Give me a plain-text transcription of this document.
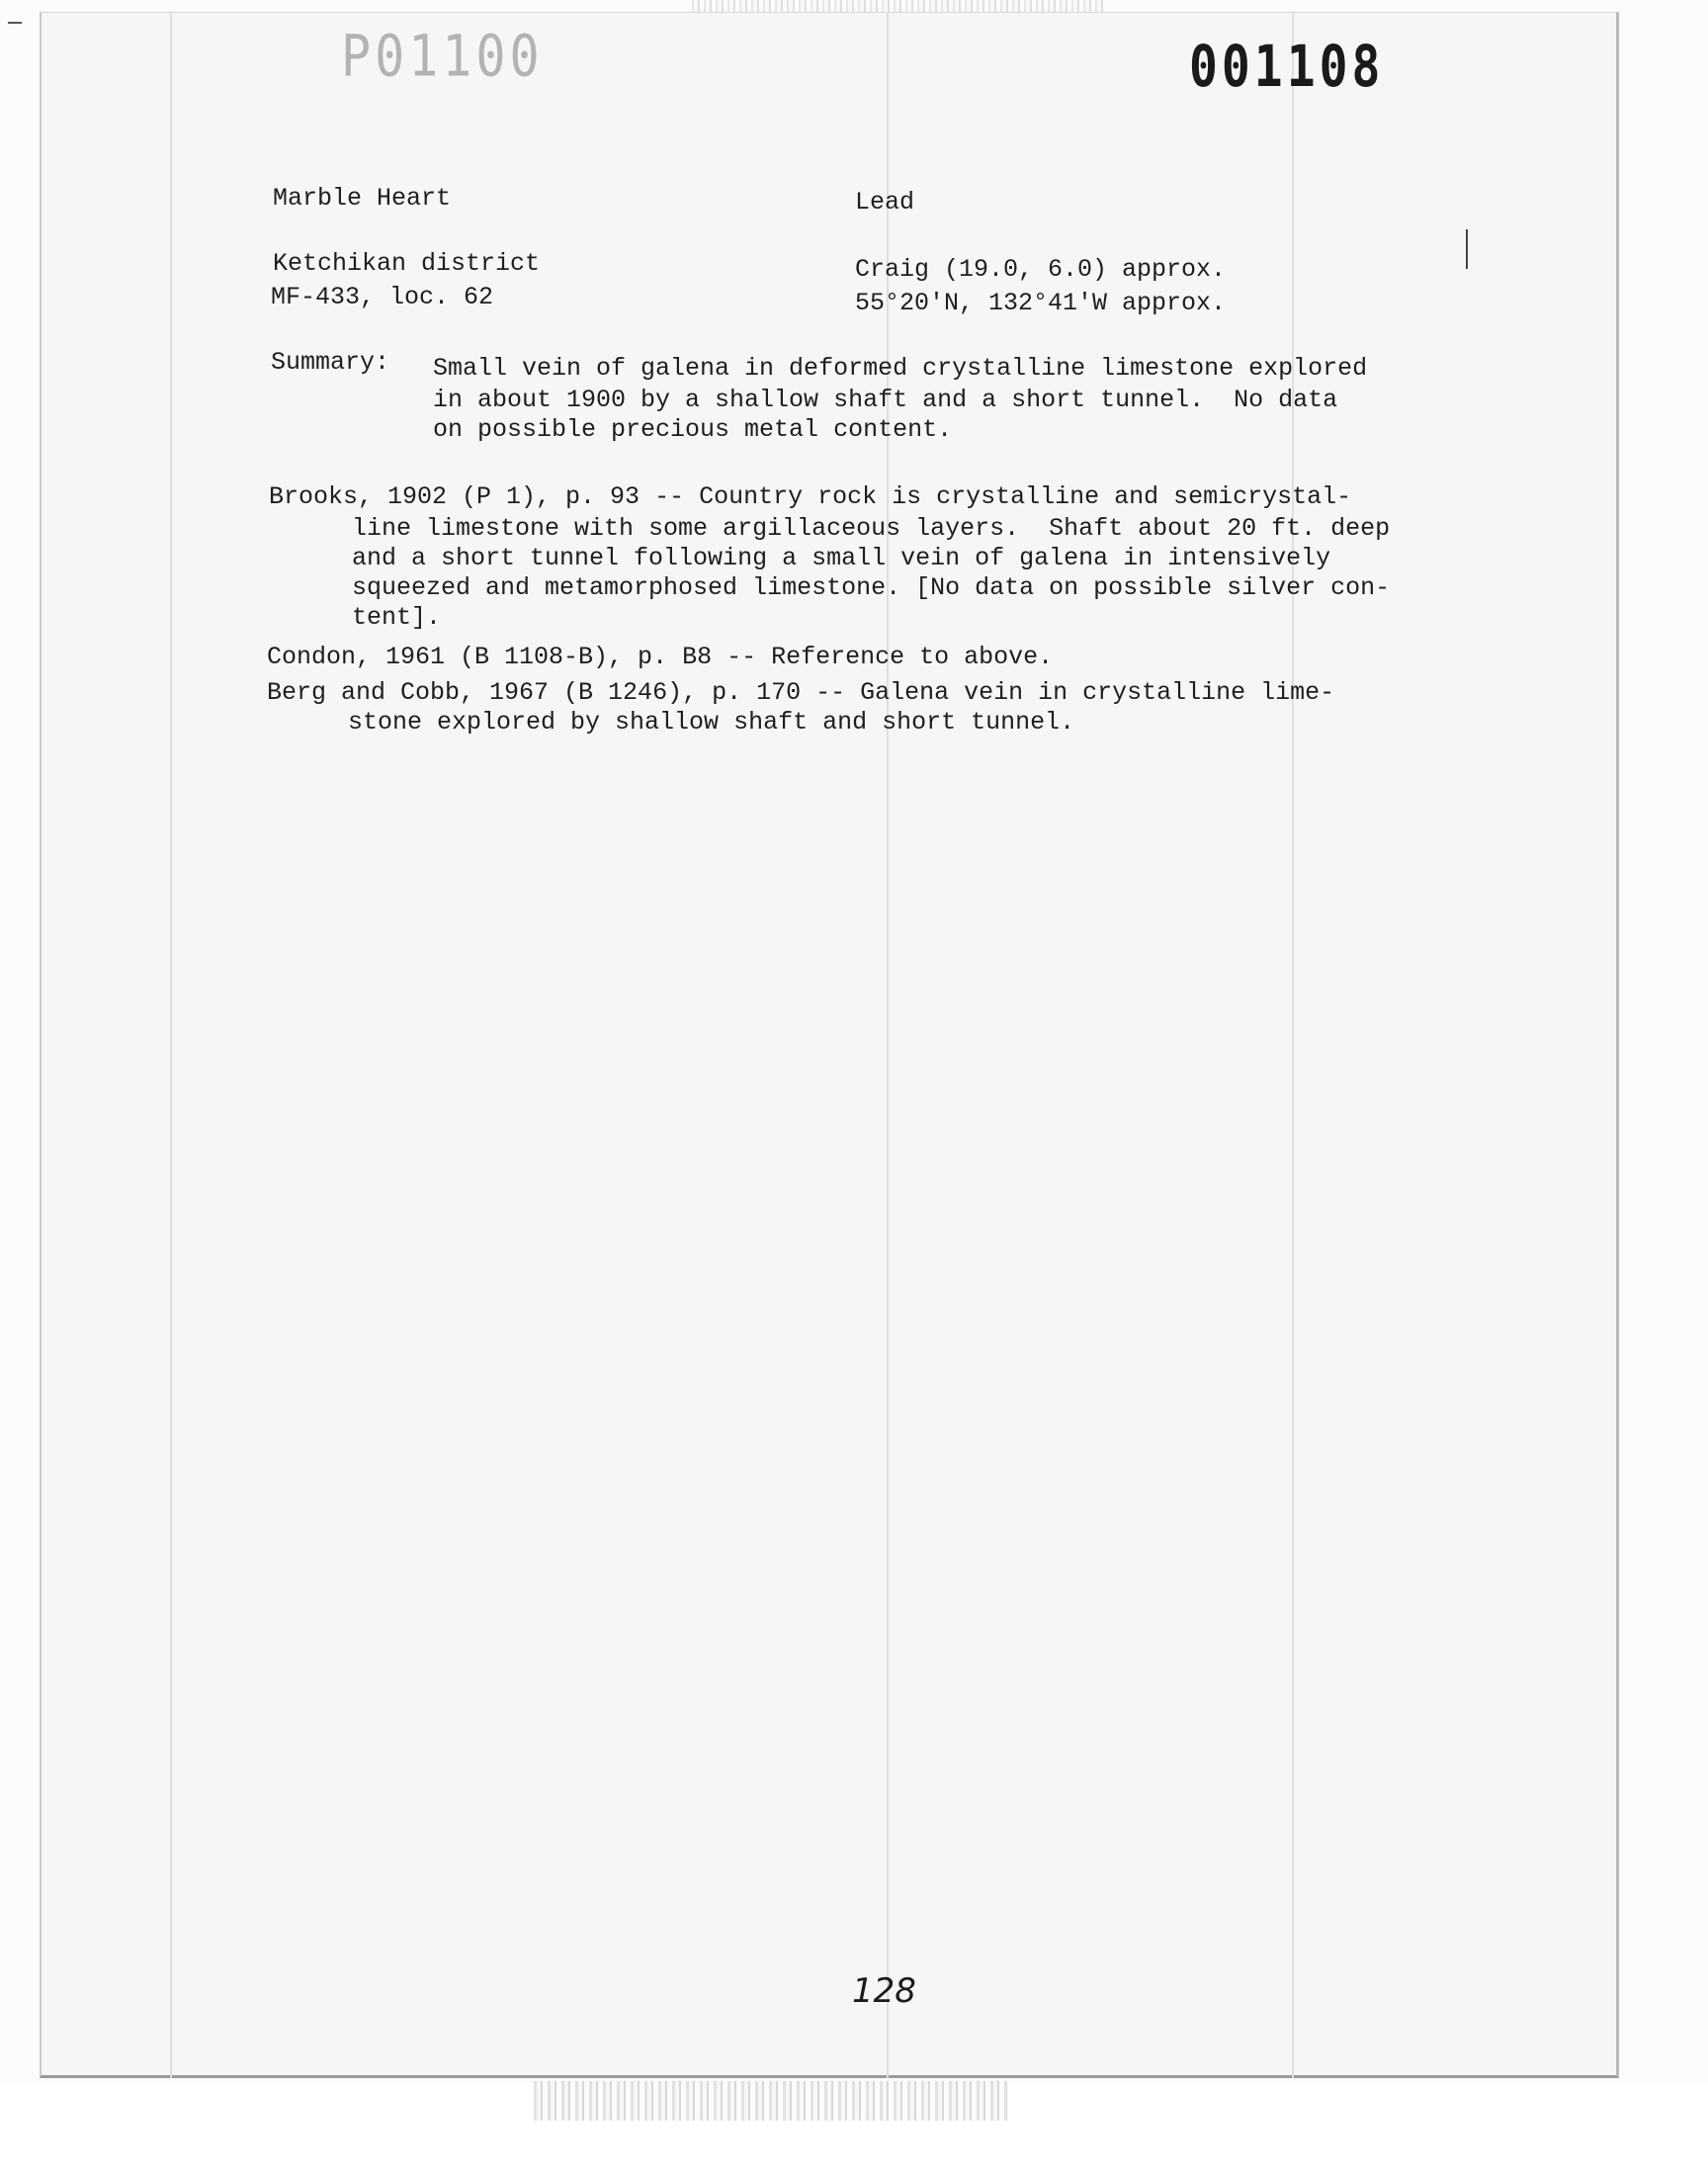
P01100	001108
Marble Heart	Lead
Ketchikan district	Craig (19.0, 6.0) approx.
MF-433, loc. 62	55°20'N, 132°41'W approx.
Summary: Small vein of galena in deformed crystalline limestone explored
in about 1900 by a shallow shaft and a short tunnel.  No data
on possible precious metal content.
Brooks, 1902 (P 1), p. 93 -- Country rock is crystalline and semicrystal-
line limestone with some argillaceous layers.  Shaft about 20 ft. deep
and a short tunnel following a small vein of galena in intensively
squeezed and metamorphosed limestone. [No data on possible silver con-
tent].
Condon, 1961 (B 1108-B), p. B8 -- Reference to above.
Berg and Cobb, 1967 (B 1246), p. 170 -- Galena vein in crystalline lime-
stone explored by shallow shaft and short tunnel.
128
